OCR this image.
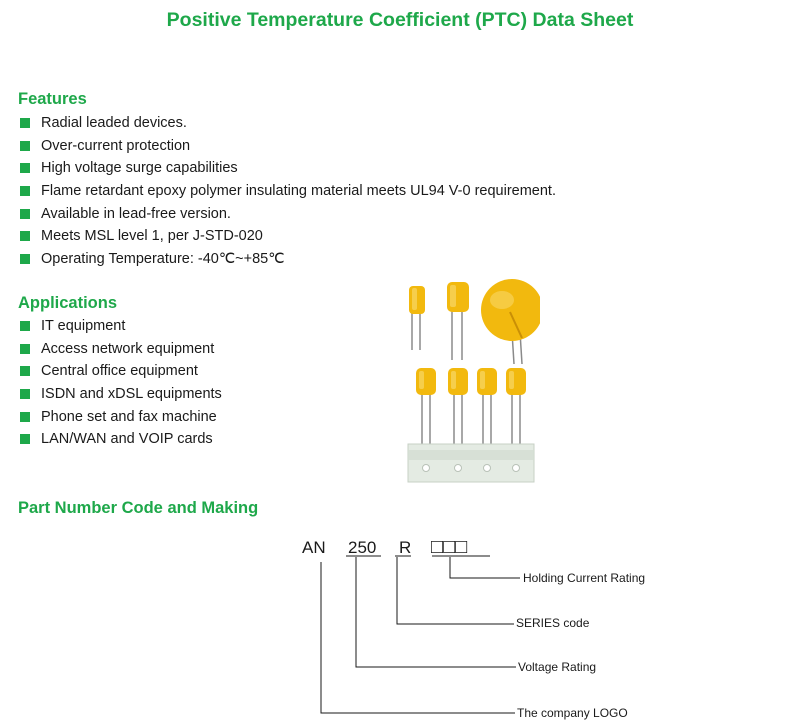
Positive Temperature Coefficient (PTC) Data Sheet
Features
Radial leaded devices.
Over-current protection
High voltage surge capabilities
Flame retardant epoxy polymer insulating material meets UL94 V-0 requirement.
Available in lead-free version.
Meets MSL level 1, per J-STD-020
Operating Temperature: -40℃~+85℃
Applications
IT equipment
Access network equipment
Central office equipment
ISDN and xDSL equipments
Phone set and fax machine
LAN/WAN and VOIP cards
Part Number Code and Making
AN 250 R □□□
Holding Current Rating
SERIES code
Voltage Rating
The company LOGO
